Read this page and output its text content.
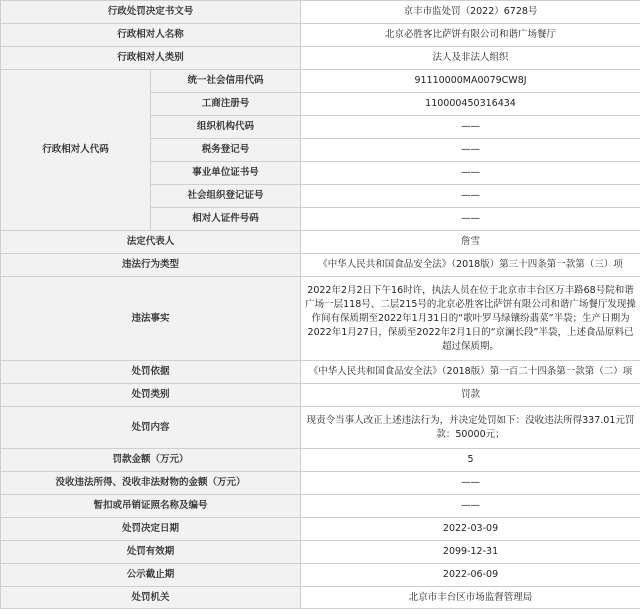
行政处罚决定书文号		京丰市监处罚（2022）6728号
行政相对人名称		北京必胜客比萨饼有限公司和谐广场餐厅
行政相对人类别		法人及非法人组织
行政相对人代码	统一社会信用代码	91110000MA0079CW8J
	工商注册号	110000450316434
	组织机构代码	——
	税务登记号	——
	事业单位证书号	——
	社会组织登记证号	——
	相对人证件号码	——
法定代表人		詹雪
违法行为类型		《中华人民共和国食品安全法》（2018版）第三十四条第一款第（三）项
违法事实		2022年2月2日下午16时许，执法人员在位于北京市丰台区万丰路68号院和谐广场一层118号、二层215号的北京必胜客比萨饼有限公司和谐广场餐厅发现操作间有保质期至2022年1月31日的“歌叶罗马绿镶纷翡菜”半袋；生产日期为2022年1月27日，保质至2022年2月1日的“京澜长段”半袋，上述食品原料已超过保质期。
处罚依据		《中华人民共和国食品安全法》（2018版）第一百二十四条第一款第（二）项
处罚类别		罚款
处罚内容		现责令当事人改正上述违法行为，并决定处罚如下：没收违法所得337.01元罚款：50000元；
罚款金额（万元）		5
没收违法所得、没收非法财物的金额（万元）		——
暂扣或吊销证照名称及编号		——
处罚决定日期		2022-03-09
处罚有效期		2099-12-31
公示截止期		2022-06-09
处罚机关		北京市丰台区市场监督管理局
